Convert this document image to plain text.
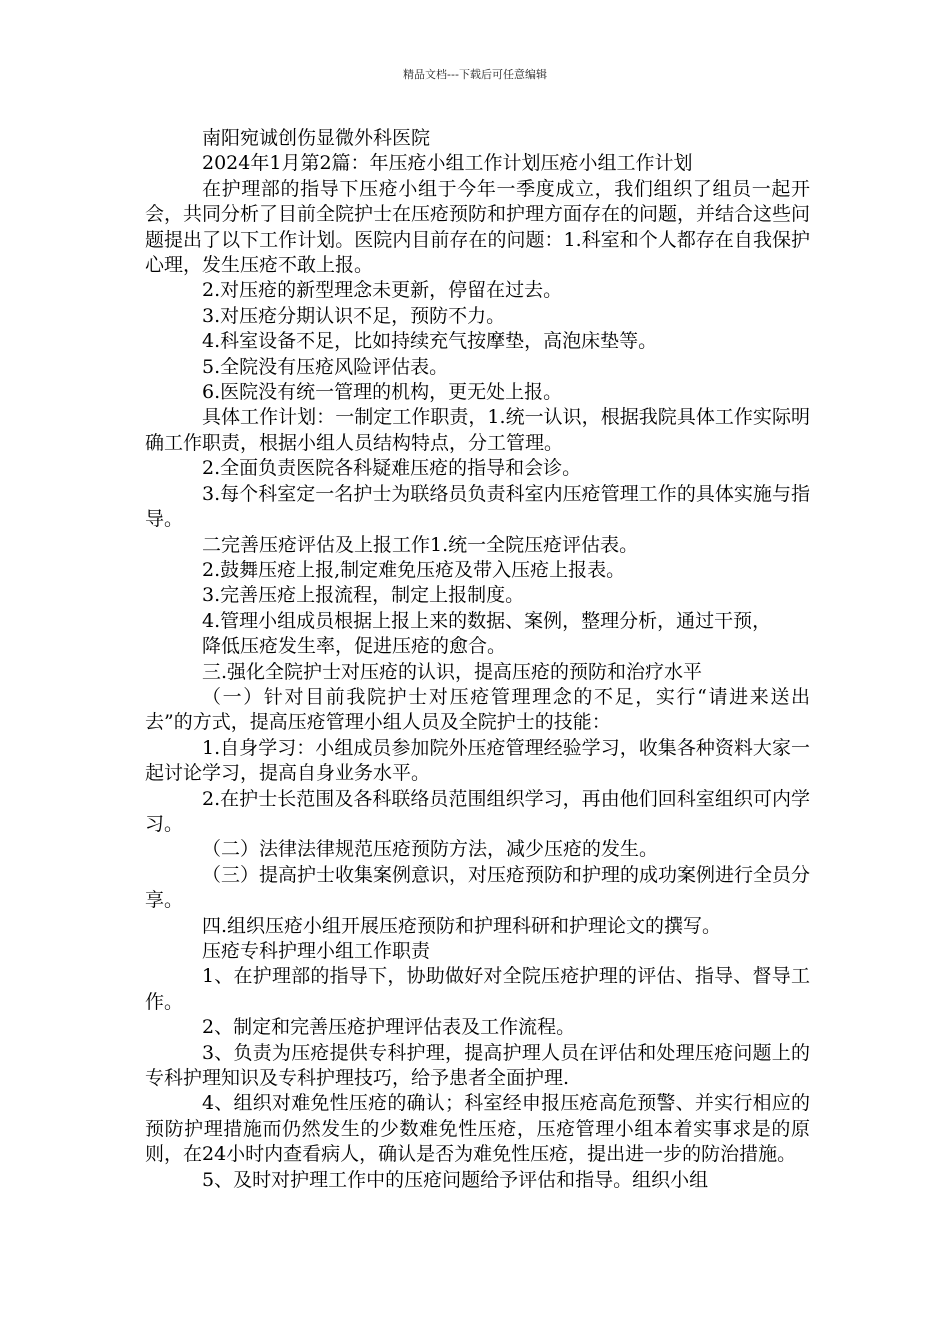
精品文档---下载后可任意编辑

南阳宛诚创伤显微外科医院

2024年1月第2篇：年压疮小组工作计划压疮小组工作计划

在护理部的指导下压疮小组于今年一季度成立，我们组织了组员一起开会，共同分析了目前全院护士在压疮预防和护理方面存在的问题，并结合这些问题提出了以下工作计划。医院内目前存在的问题：1.科室和个人都存在自我保护心理，发生压疮不敢上报。

2.对压疮的新型理念未更新，停留在过去。

3.对压疮分期认识不足，预防不力。

4.科室设备不足，比如持续充气按摩垫，高泡床垫等。

5.全院没有压疮风险评估表。

6.医院没有统一管理的机构，更无处上报。

具体工作计划：一制定工作职责，1.统一认识，根据我院具体工作实际明确工作职责，根据小组人员结构特点，分工管理。

2.全面负责医院各科疑难压疮的指导和会诊。

3.每个科室定一名护士为联络员负责科室内压疮管理工作的具体实施与指导。

二完善压疮评估及上报工作1.统一全院压疮评估表。

2.鼓舞压疮上报,制定难免压疮及带入压疮上报表。

3.完善压疮上报流程，制定上报制度。

4.管理小组成员根据上报上来的数据、案例，整理分析，通过干预，

降低压疮发生率，促进压疮的愈合。

三.强化全院护士对压疮的认识，提高压疮的预防和治疗水平

（一）针对目前我院护士对压疮管理理念的不足，实行“请进来送出去”的方式，提高压疮管理小组人员及全院护士的技能：

1.自身学习：小组成员参加院外压疮管理经验学习，收集各种资料大家一起讨论学习，提高自身业务水平。

2.在护士长范围及各科联络员范围组织学习，再由他们回科室组织可内学习。

（二）法律法律规范压疮预防方法，减少压疮的发生。

（三）提高护士收集案例意识，对压疮预防和护理的成功案例进行全员分享。

四.组织压疮小组开展压疮预防和护理科研和护理论文的撰写。

压疮专科护理小组工作职责

1、在护理部的指导下，协助做好对全院压疮护理的评估、指导、督导工作。

2、制定和完善压疮护理评估表及工作流程。

3、负责为压疮提供专科护理，提高护理人员在评估和处理压疮问题上的专科护理知识及专科护理技巧，给予患者全面护理.

4、组织对难免性压疮的确认；科室经申报压疮高危预警、并实行相应的预防护理措施而仍然发生的少数难免性压疮，压疮管理小组本着实事求是的原则，在24小时内查看病人，确认是否为难免性压疮，提出进一步的防治措施。

5、及时对护理工作中的压疮问题给予评估和指导。组织小组
